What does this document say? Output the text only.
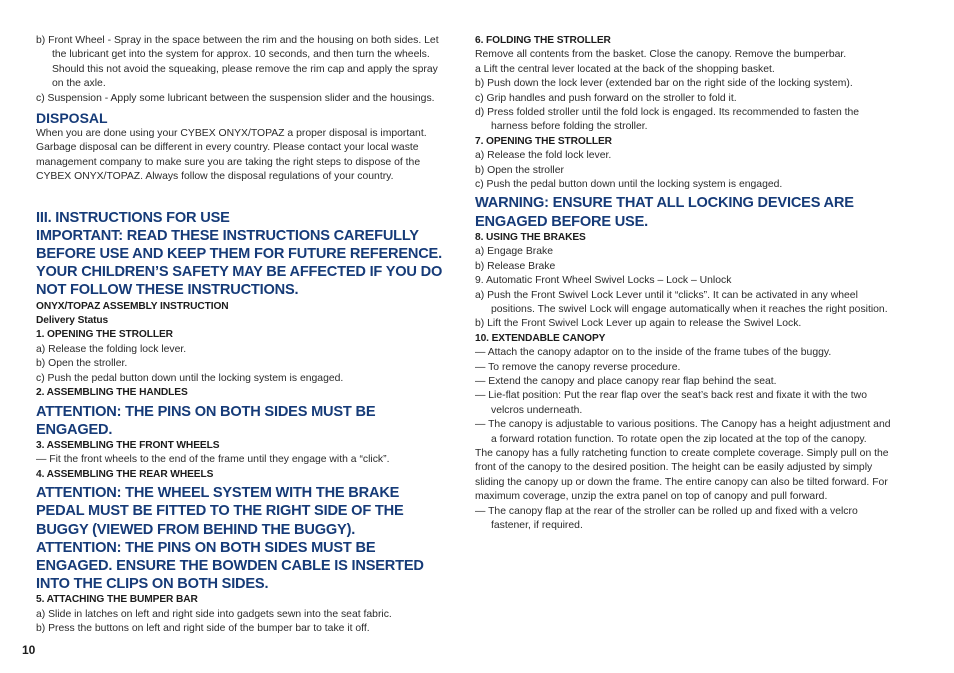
b) Front Wheel - Spray in the space between the rim and the housing on both sides. Let the lubricant get into the system for approx. 10 seconds, and then turn the wheels. Should this not avoid the squeaking, please remove the rim cap and apply the spray on the axle.

c) Suspension - Apply some lubricant between the suspension slider and the housings.

DISPOSAL

When you are done using your CYBEX ONYX/TOPAZ a proper disposal is important. Garbage disposal can be different in every country. Please contact your local waste management company to make sure you are taking the right steps to dispose of the CYBEX ONYX/TOPAZ. Always follow the disposal regulations of your country.

III. INSTRUCTIONS FOR USE

IMPORTANT: READ THESE INSTRUCTIONS CAREFULLY BEFORE USE AND KEEP THEM FOR FUTURE REFERENCE. YOUR CHILDREN’S SAFETY MAY BE AFFECTED IF YOU DO NOT FOLLOW THESE INSTRUCTIONS.

ONYX/TOPAZ ASSEMBLY INSTRUCTION

Delivery Status

1. OPENING THE STROLLER

a) Release the folding lock lever.

b) Open the stroller.

c) Push the pedal button down until the locking system is engaged.

2. ASSEMBLING THE HANDLES

ATTENTION: THE PINS ON BOTH SIDES MUST BE ENGAGED.

3. ASSEMBLING THE FRONT WHEELS

— Fit the front wheels to the end of the frame until they engage with a “click”.

4. ASSEMBLING THE REAR WHEELS

ATTENTION: THE WHEEL SYSTEM WITH THE BRAKE PEDAL MUST BE FITTED TO THE RIGHT SIDE OF THE BUGGY (VIEWED FROM BEHIND THE BUGGY).

ATTENTION: THE PINS ON BOTH SIDES MUST BE ENGAGED. ENSURE THE BOWDEN CABLE IS INSERTED INTO THE CLIPS ON BOTH SIDES.

5. ATTACHING THE BUMPER BAR

a) Slide in latches on left and right side into gadgets sewn into the seat fabric.

b) Press the buttons on left and right side of the bumper bar to take it off.

6. FOLDING THE STROLLER

Remove all contents from the basket. Close the canopy. Remove the bumperbar.

a Lift the central lever located at the back of the shopping basket.

b) Push down the lock lever (extended bar on the right side of the locking system).

c) Grip handles and push forward on the stroller to fold it.

d) Press folded stroller until the fold lock is engaged. Its recommended to fasten the harness before folding the stroller.

7. OPENING THE STROLLER

a) Release the fold lock lever.

b) Open the stroller

c) Push the pedal button down until the locking system is engaged.

WARNING: ENSURE THAT ALL LOCKING DEVICES ARE ENGAGED BEFORE USE.

8. USING THE BRAKES

a) Engage Brake

b) Release Brake

9. Automatic Front Wheel Swivel Locks – Lock – Unlock

a) Push the Front Swivel Lock Lever until it “clicks”. It can be activated in any wheel positions. The swivel Lock will engage automatically when it reaches the right position.

b) Lift the Front Swivel Lock Lever up again to release the Swivel Lock.

10. EXTENDABLE CANOPY

— Attach the canopy adaptor on to the inside of the frame tubes of the buggy.

— To remove the canopy reverse procedure.

— Extend the canopy and place canopy rear flap behind the seat.

— Lie-flat position: Put the rear flap over the seat’s back rest and fixate it with the two velcros underneath.

— The canopy is adjustable to various positions. The Canopy has a height adjustment and a forward rotation function. To rotate open the zip located at the top of the canopy.

The canopy has a fully ratcheting function to create complete coverage. Simply pull on the front of the canopy to the desired position. The height can be easily adjusted by simply sliding the canopy up or down the frame. The entire canopy can also be tilted forward. For maximum coverage, unzip the extra panel on top of canopy and pull forward.

— The canopy flap at the rear of the stroller can be rolled up and fixed with a velcro fastener, if required.

10
